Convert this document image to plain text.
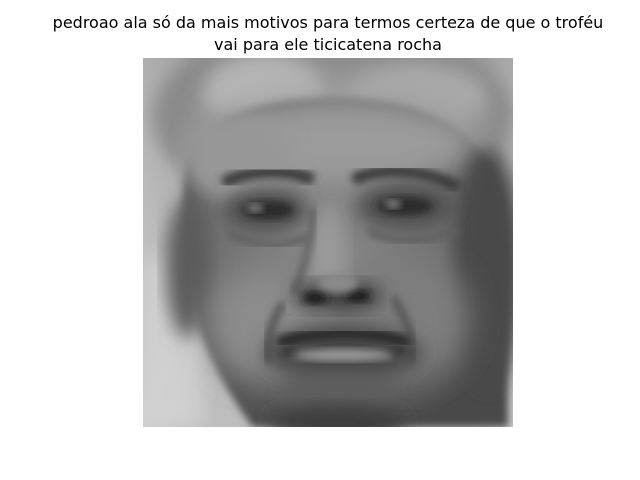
pedroao ala só da mais motivos para termos certeza de que o troféu vai para ele ticicatena rocha
